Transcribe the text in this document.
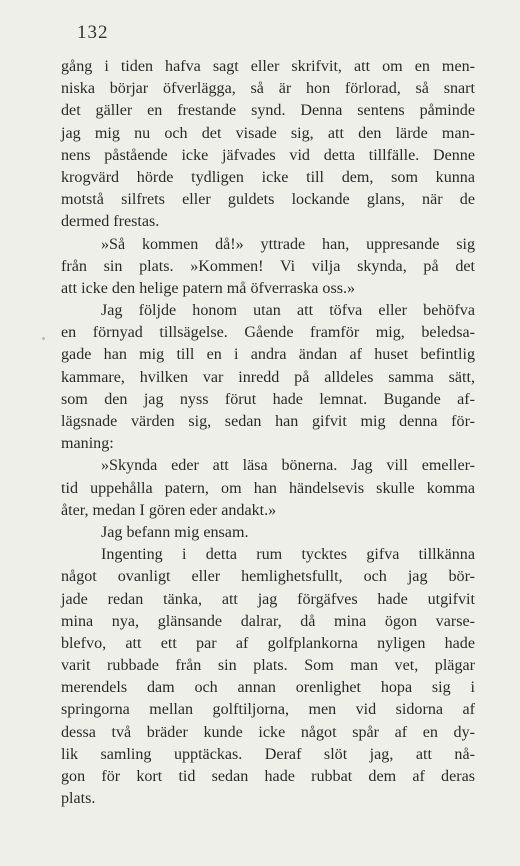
132
gång i tiden hafva sagt eller skrifvit, att om en men-
niska börjar öfverlägga, så är hon förlorad, så snart
det gäller en frestande synd. Denna sentens påminde
jag mig nu och det visade sig, att den lärde man-
nens påstående icke jäfvades vid detta tillfälle. Denne
krogvärd hörde tydligen icke till dem, som kunna
motstå silfrets eller guldets lockande glans, när de
dermed frestas.
»Så kommen då!» yttrade han, uppresande sig
från sin plats. »Kommen! Vi vilja skynda, på det
att icke den helige patern må öfverraska oss.»
Jag följde honom utan att töfva eller behöfva
en förnyad tillsägelse. Gående framför mig, beledsa-
gade han mig till en i andra ändan af huset befintlig
kammare, hvilken var inredd på alldeles samma sätt,
som den jag nyss förut hade lemnat. Bugande af-
lägsnade värden sig, sedan han gifvit mig denna för-
maning:
»Skynda eder att läsa bönerna. Jag vill emeller-
tid uppehålla patern, om han händelsevis skulle komma
åter, medan I gören eder andakt.»
Jag befann mig ensam.
Ingenting i detta rum tycktes gifva tillkänna
något ovanligt eller hemlighetsfullt, och jag bör-
jade redan tänka, att jag förgäfves hade utgifvit
mina nya, glänsande dalrar, då mina ögon varse-
blefvo, att ett par af golfplankorna nyligen hade
varit rubbade från sin plats. Som man vet, plägar
merendels dam och annan orenlighet hopa sig i
springorna mellan golftiljorna, men vid sidorna af
dessa två bräder kunde icke något spår af en dy-
lik samling upptäckas. Deraf slöt jag, att nå-
gon för kort tid sedan hade rubbat dem af deras
plats.
